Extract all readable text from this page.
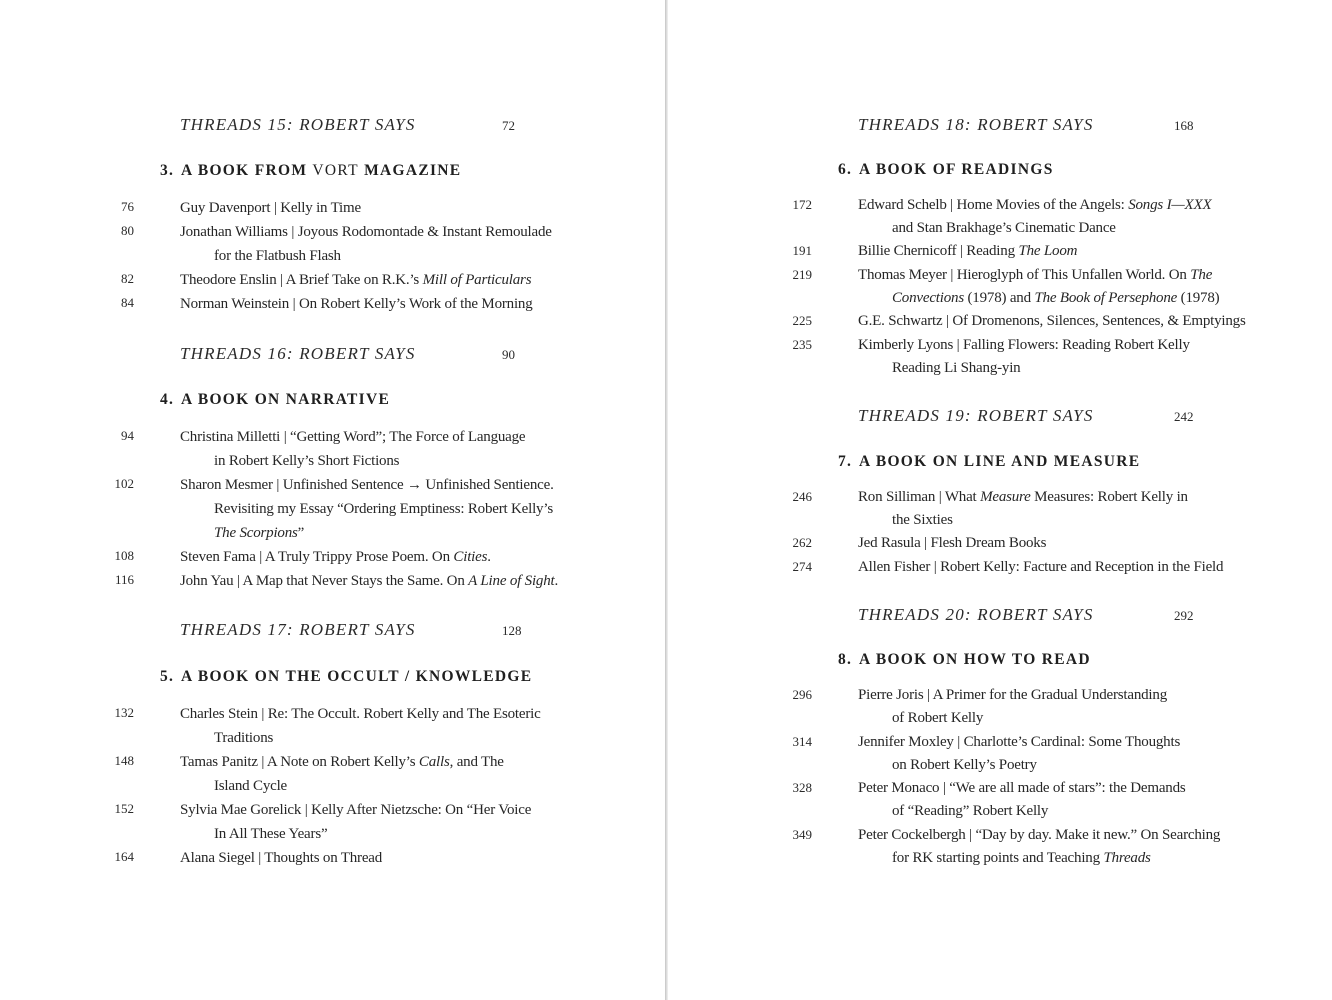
THREADS 15: ROBERT SAYS	72
3. A BOOK FROM VORT MAGAZINE
76	Guy Davenport | Kelly in Time
80	Jonathan Williams | Joyous Rodomontade & Instant Remoulade
for the Flatbush Flash
82	Theodore Enslin | A Brief Take on R.K.’s Mill of Particulars
84	Norman Weinstein | On Robert Kelly’s Work of the Morning
THREADS 16: ROBERT SAYS	90
4. A BOOK ON NARRATIVE
94	Christina Milletti | “Getting Word”; The Force of Language
in Robert Kelly’s Short Fictions
102	Sharon Mesmer | Unfinished Sentence → Unfinished Sentience.
Revisiting my Essay “Ordering Emptiness: Robert Kelly’s
The Scorpions”
108	Steven Fama | A Truly Trippy Prose Poem. On Cities.
116	John Yau | A Map that Never Stays the Same. On A Line of Sight.
THREADS 17: ROBERT SAYS	128
5. A BOOK ON THE OCCULT / KNOWLEDGE
132	Charles Stein | Re: The Occult. Robert Kelly and The Esoteric
Traditions
148	Tamas Panitz | A Note on Robert Kelly’s Calls, and The
Island Cycle
152	Sylvia Mae Gorelick | Kelly After Nietzsche: On “Her Voice
In All These Years”
164	Alana Siegel | Thoughts on Thread
THREADS 18: ROBERT SAYS	168
6. A BOOK OF READINGS
172	Edward Schelb | Home Movies of the Angels: Songs I—XXX
and Stan Brakhage’s Cinematic Dance
191	Billie Chernicoff | Reading The Loom
219	Thomas Meyer | Hieroglyph of This Unfallen World. On The
Convections (1978) and The Book of Persephone (1978)
225	G.E. Schwartz | Of Dromenons, Silences, Sentences, & Emptyings
235	Kimberly Lyons | Falling Flowers: Reading Robert Kelly
Reading Li Shang-yin
THREADS 19: ROBERT SAYS	242
7. A BOOK ON LINE AND MEASURE
246	Ron Silliman | What Measure Measures: Robert Kelly in
the Sixties
262	Jed Rasula | Flesh Dream Books
274	Allen Fisher | Robert Kelly: Facture and Reception in the Field
THREADS 20: ROBERT SAYS	292
8. A BOOK ON HOW TO READ
296	Pierre Joris | A Primer for the Gradual Understanding
of Robert Kelly
314	Jennifer Moxley | Charlotte’s Cardinal: Some Thoughts
on Robert Kelly’s Poetry
328	Peter Monaco | “We are all made of stars”: the Demands
of “Reading” Robert Kelly
349	Peter Cockelbergh | “Day by day. Make it new.” On Searching
for RK starting points and Teaching Threads
